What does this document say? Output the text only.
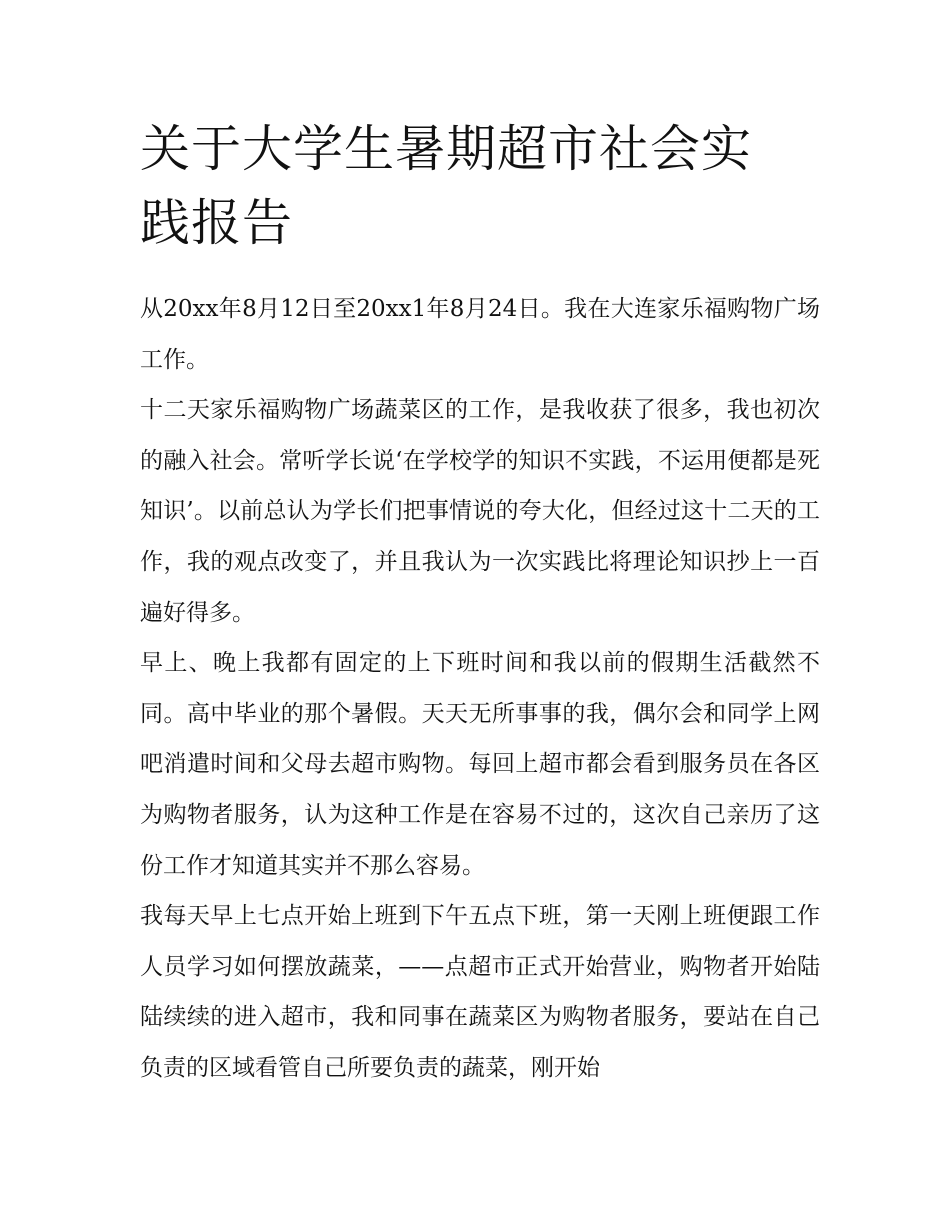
关于大学生暑期超市社会实践报告

从20xx年8月12日至20xx1年8月24日。我在大连家乐福购物广场工作。

十二天家乐福购物广场蔬菜区的工作，是我收获了很多，我也初次的融入社会。常听学长说‘在学校学的知识不实践，不运用便都是死知识’。以前总认为学长们把事情说的夸大化，但经过这十二天的工作，我的观点改变了，并且我认为一次实践比将理论知识抄上一百遍好得多。

早上、晚上我都有固定的上下班时间和我以前的假期生活截然不同。高中毕业的那个暑假。天天无所事事的我，偶尔会和同学上网吧消遣时间和父母去超市购物。每回上超市都会看到服务员在各区为购物者服务，认为这种工作是在容易不过的，这次自己亲历了这份工作才知道其实并不那么容易。

我每天早上七点开始上班到下午五点下班，第一天刚上班便跟工作人员学习如何摆放蔬菜，——点超市正式开始营业，购物者开始陆陆续续的进入超市，我和同事在蔬菜区为购物者服务，要站在自己负责的区域看管自己所要负责的蔬菜，刚开始
